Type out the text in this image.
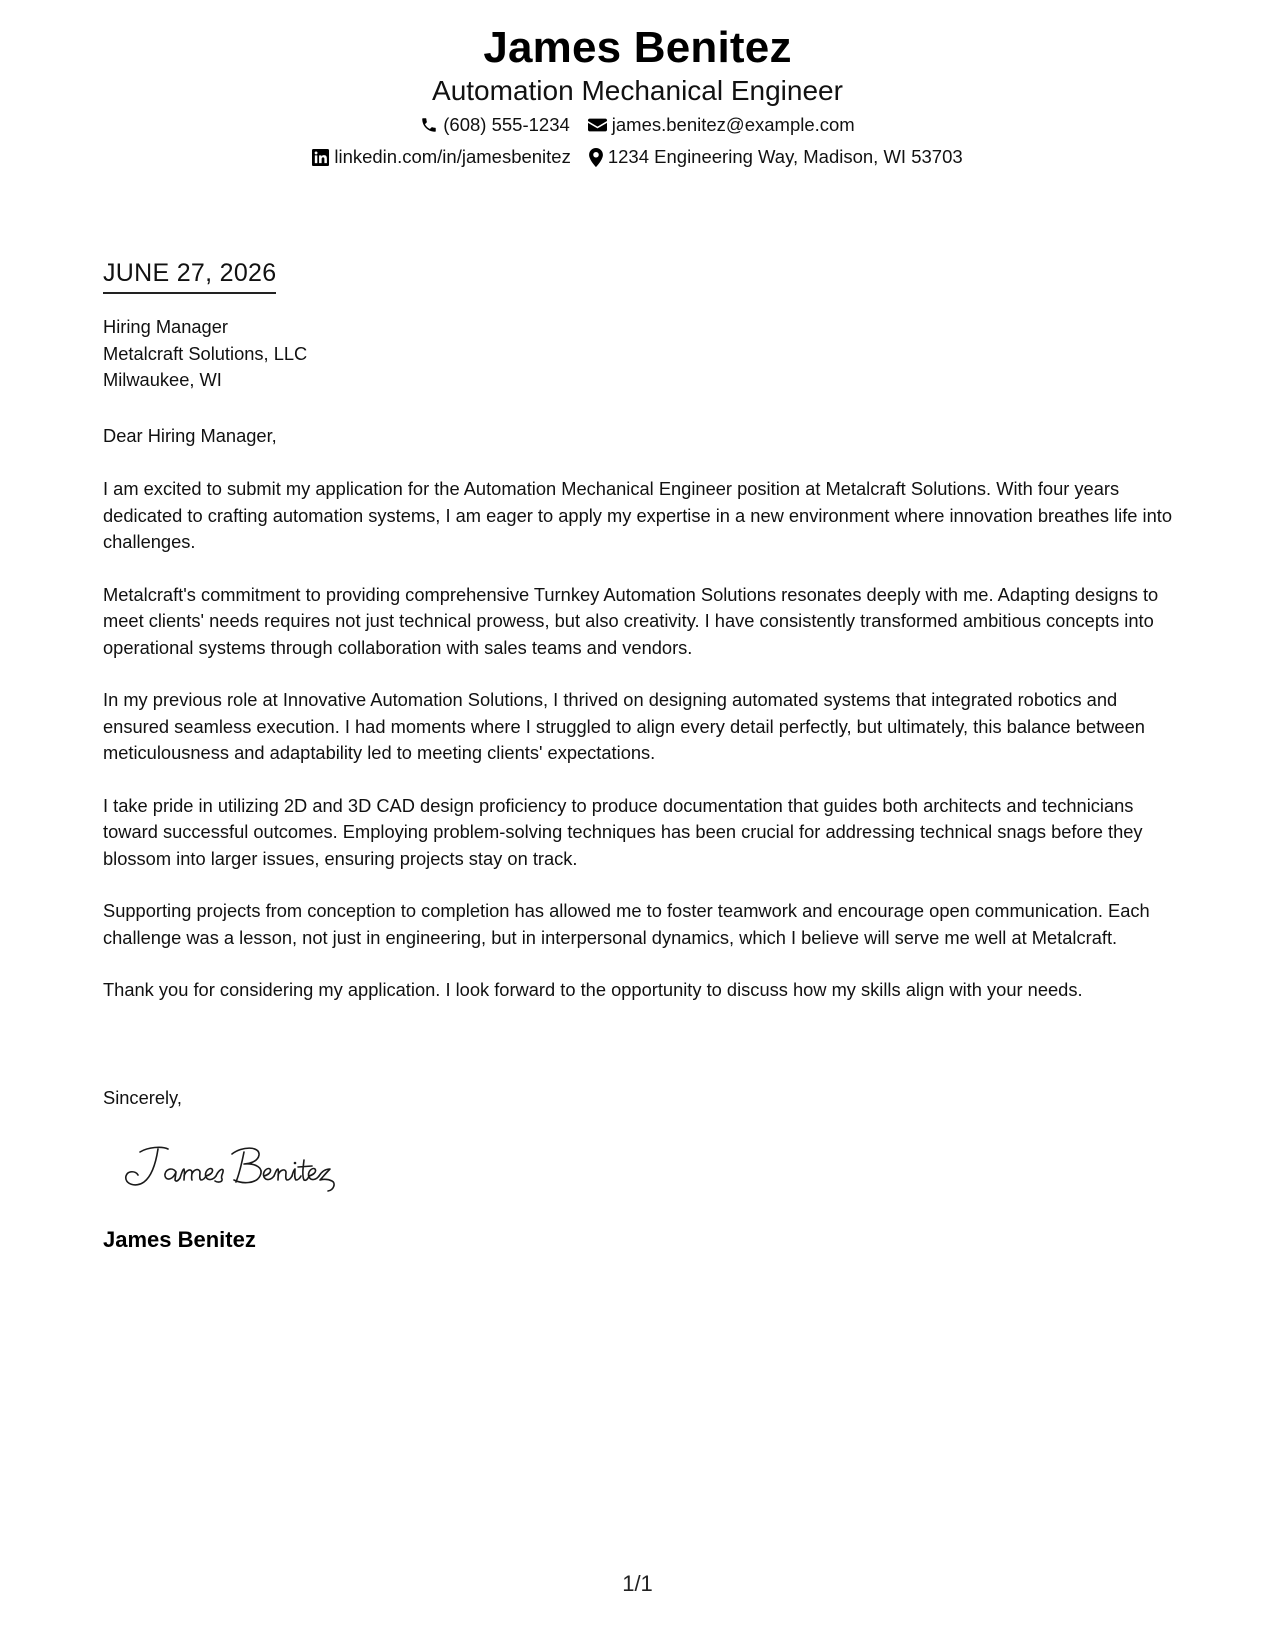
James Benitez
Automation Mechanical Engineer
(608) 555-1234 james.benitez@example.com
linkedin.com/in/jamesbenitez 1234 Engineering Way, Madison, WI 53703
JUNE 27, 2026
Hiring Manager
Metalcraft Solutions, LLC
Milwaukee, WI
Dear Hiring Manager,

I am excited to submit my application for the Automation Mechanical Engineer position at Metalcraft Solutions. With four years dedicated to crafting automation systems, I am eager to apply my expertise in a new environment where innovation breathes life into challenges.

Metalcraft's commitment to providing comprehensive Turnkey Automation Solutions resonates deeply with me. Adapting designs to meet clients' needs requires not just technical prowess, but also creativity. I have consistently transformed ambitious concepts into operational systems through collaboration with sales teams and vendors.

In my previous role at Innovative Automation Solutions, I thrived on designing automated systems that integrated robotics and ensured seamless execution. I had moments where I struggled to align every detail perfectly, but ultimately, this balance between meticulousness and adaptability led to meeting clients' expectations.

I take pride in utilizing 2D and 3D CAD design proficiency to produce documentation that guides both architects and technicians toward successful outcomes. Employing problem-solving techniques has been crucial for addressing technical snags before they blossom into larger issues, ensuring projects stay on track.

Supporting projects from conception to completion has allowed me to foster teamwork and encourage open communication. Each challenge was a lesson, not just in engineering, but in interpersonal dynamics, which I believe will serve me well at Metalcraft.

Thank you for considering my application. I look forward to the opportunity to discuss how my skills align with your needs.

Sincerely,
James Benitez
1/1
